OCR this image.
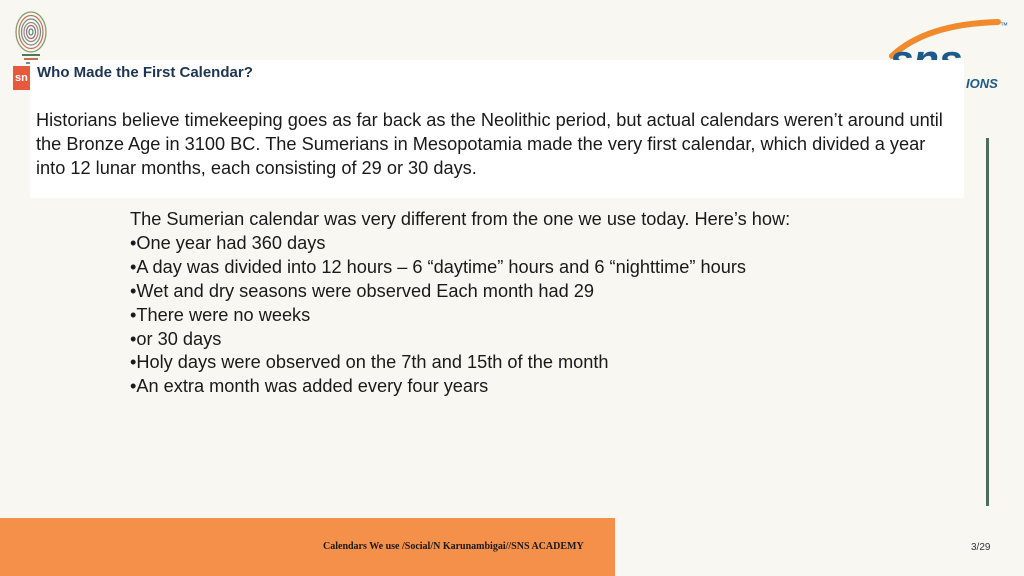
sn	IONS
™
Who Made the First Calendar?

Historians believe timekeeping goes as far back as the Neolithic period, but actual calendars weren’t around until the Bronze Age in 3100 BC. The Sumerians in Mesopotamia made the very first calendar, which divided a year into 12 lunar months, each consisting of 29 or 30 days.

The Sumerian calendar was very different from the one we use today. Here’s how:

•One year had 360 days
•A day was divided into 12 hours – 6 “daytime” hours and 6 “nighttime” hours
•Wet and dry seasons were observed Each month had 29
•There were no weeks
•or 30 days
•Holy days were observed on the 7th and 15th of the month
•An extra month was added every four years
Calendars We use /Social/N Karunambigai//SNS ACADEMY	3/29
